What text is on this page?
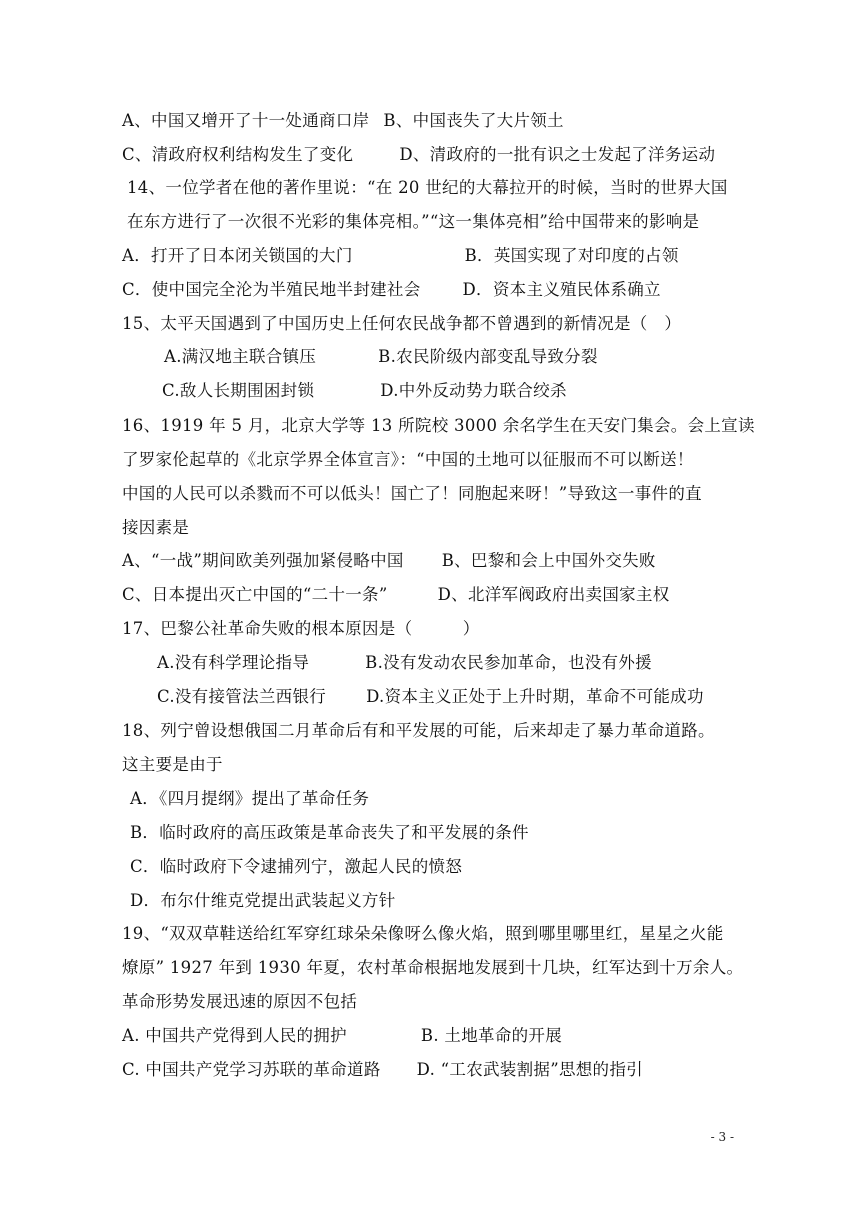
A、中国又增开了十一处通商口岸 B、中国丧失了大片领土
C、清政府权利结构发生了变化	D、清政府的一批有识之士发起了洋务运动
14、一位学者在他的著作里说：“在 20 世纪的大幕拉开的时候，当时的世界大国
在东方进行了一次很不光彩的集体亮相。”“这一集体亮相”给中国带来的影响是
A．打开了日本闭关锁国的大门	B．英国实现了对印度的占领
C．使中国完全沦为半殖民地半封建社会	D．资本主义殖民体系确立
15、太平天国遇到了中国历史上任何农民战争都不曾遇到的新情况是（　）
A.满汉地主联合镇压	B.农民阶级内部变乱导致分裂
C.敌人长期围困封锁	D.中外反动势力联合绞杀
16、1919 年 5 月，北京大学等 13 所院校 3000 余名学生在天安门集会。会上宣读
了罗家伦起草的《北京学界全体宣言》：“中国的土地可以征服而不可以断送！
中国的人民可以杀戮而不可以低头！国亡了！同胞起来呀！”导致这一事件的直
接因素是
A、“一战”期间欧美列强加紧侵略中国 B、巴黎和会上中国外交失败
C、日本提出灭亡中国的“二十一条”	D、北洋军阀政府出卖国家主权
17、巴黎公社革命失败的根本原因是（　　　）
A.没有科学理论指导	B.没有发动农民参加革命，也没有外援
C.没有接管法兰西银行 D.资本主义正处于上升时期，革命不可能成功
18、列宁曾设想俄国二月革命后有和平发展的可能，后来却走了暴力革命道路。
这主要是由于
A．《四月提纲》提出了革命任务
B．临时政府的高压政策是革命丧失了和平发展的条件
C．临时政府下令逮捕列宁，激起人民的愤怒
D．布尔什维克党提出武装起义方针
19、“双双草鞋送给红军穿红球朵朵像呀么像火焰，照到哪里哪里红，星星之火能
燎原” 1927 年到 1930 年夏，农村革命根据地发展到十几块，红军达到十万余人。
革命形势发展迅速的原因不包括
A. 中国共产党得到人民的拥护	B. 土地革命的开展
C. 中国共产党学习苏联的革命道路 D. “工农武装割据”思想的指引
- 3 -
